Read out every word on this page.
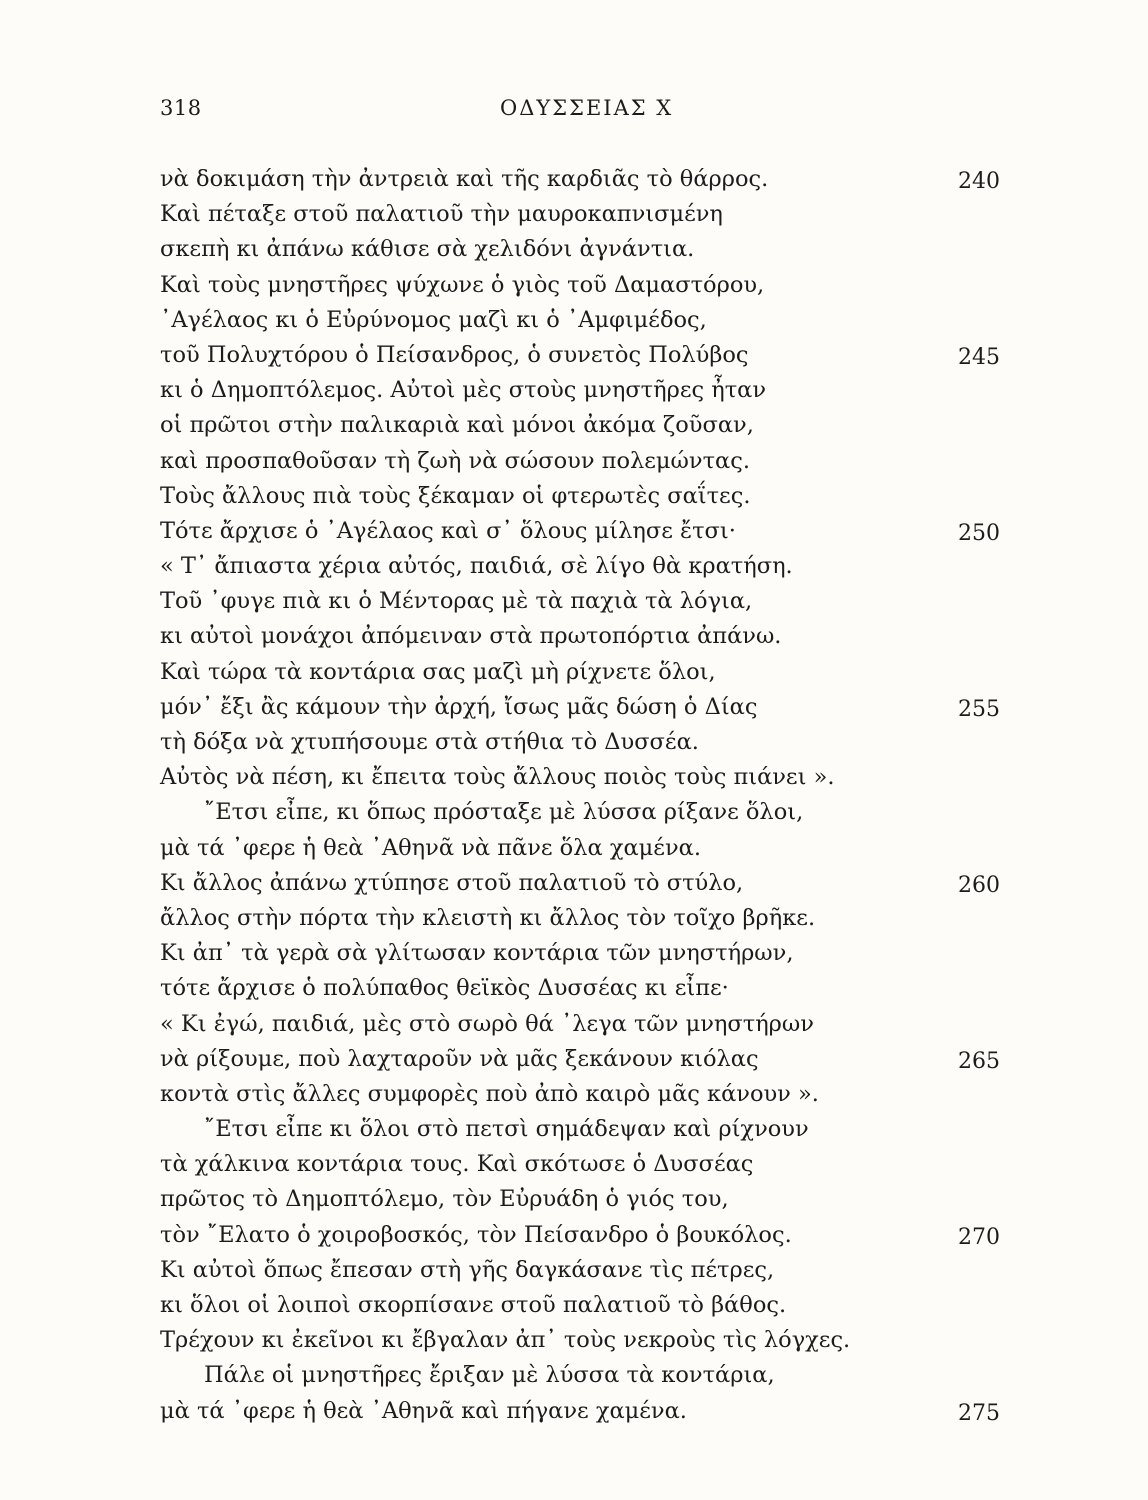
318	ΟΔΥΣΣΕΙΑΣ Χ
νὰ δοκιμάση τὴν ἀντρειὰ καὶ τῆς καρδιᾶς τὸ θάρρος.	240
Καὶ πέταξε στοῦ παλατιοῦ τὴν μαυροκαπνισμένη
σκεπὴ κι ἀπάνω κάθισε σὰ χελιδόνι ἀγνάντια.
Καὶ τοὺς μνηστῆρες ψύχωνε ὁ γιὸς τοῦ Δαμαστόρου,
᾿Αγέλαος κι ὁ Εὐρύνομος μαζὶ κι ὁ ᾿Αμφιμέδος,
τοῦ Πολυχτόρου ὁ Πείσανδρος, ὁ συνετὸς Πολύβος	245
κι ὁ Δημοπτόλεμος. Αὐτοὶ μὲς στοὺς μνηστῆρες ἦταν
οἱ πρῶτοι στὴν παλικαριὰ καὶ μόνοι ἀκόμα ζοῦσαν,
καὶ προσπαθοῦσαν τὴ ζωὴ νὰ σώσουν πολεμώντας.
Τοὺς ἄλλους πιὰ τοὺς ξέκαμαν οἱ φτερωτὲς σαΐτες.
Τότε ἄρχισε ὁ ᾿Αγέλαος καὶ σ᾿ ὅλους μίλησε ἔτσι·	250
« Τ᾿ ἄπιαστα χέρια αὐτός, παιδιά, σὲ λίγο θὰ κρατήση.
Τοῦ ᾿φυγε πιὰ κι ὁ Μέντορας μὲ τὰ παχιὰ τὰ λόγια,
κι αὐτοὶ μονάχοι ἀπόμειναν στὰ πρωτοπόρτια ἀπάνω.
Καὶ τώρα τὰ κοντάρια σας μαζὶ μὴ ρίχνετε ὅλοι,
μόν᾿ ἔξι ἂς κάμουν τὴν ἀρχή, ἴσως μᾶς δώση ὁ Δίας	255
τὴ δόξα νὰ χτυπήσουμε στὰ στήθια τὸ Δυσσέα.
Αὐτὸς νὰ πέση, κι ἔπειτα τοὺς ἄλλους ποιὸς τοὺς πιάνει ».
῎Ετσι εἶπε, κι ὅπως πρόσταξε μὲ λύσσα ρίξανε ὅλοι,
μὰ τά ᾿φερε ἡ θεὰ ᾿Αθηνᾶ νὰ πᾶνε ὅλα χαμένα.
Κι ἄλλος ἀπάνω χτύπησε στοῦ παλατιοῦ τὸ στύλο,	260
ἄλλος στὴν πόρτα τὴν κλειστὴ κι ἄλλος τὸν τοῖχο βρῆκε.
Κι ἀπ᾿ τὰ γερὰ σὰ γλίτωσαν κοντάρια τῶν μνηστήρων,
τότε ἄρχισε ὁ πολύπαθος θεϊκὸς Δυσσέας κι εἶπε·
« Κι ἐγώ, παιδιά, μὲς στὸ σωρὸ θά ᾿λεγα τῶν μνηστήρων
νὰ ρίξουμε, ποὺ λαχταροῦν νὰ μᾶς ξεκάνουν κιόλας	265
κοντὰ στὶς ἄλλες συμφορὲς ποὺ ἀπὸ καιρὸ μᾶς κάνουν ».
῎Ετσι εἶπε κι ὅλοι στὸ πετσὶ σημάδεψαν καὶ ρίχνουν
τὰ χάλκινα κοντάρια τους. Καὶ σκότωσε ὁ Δυσσέας
πρῶτος τὸ Δημοπτόλεμο, τὸν Εὐρυάδη ὁ γιός του,
τὸν ῎Ελατο ὁ χοιροβοσκός, τὸν Πείσανδρο ὁ βουκόλος.	270
Κι αὐτοὶ ὅπως ἔπεσαν στὴ γῆς δαγκάσανε τὶς πέτρες,
κι ὅλοι οἱ λοιποὶ σκορπίσανε στοῦ παλατιοῦ τὸ βάθος.
Τρέχουν κι ἐκεῖνοι κι ἔβγαλαν ἀπ᾿ τοὺς νεκροὺς τὶς λόγχες.
Πάλε οἱ μνηστῆρες ἔριξαν μὲ λύσσα τὰ κοντάρια,
μὰ τά ᾿φερε ἡ θεὰ ᾿Αθηνᾶ καὶ πήγανε χαμένα.	275
